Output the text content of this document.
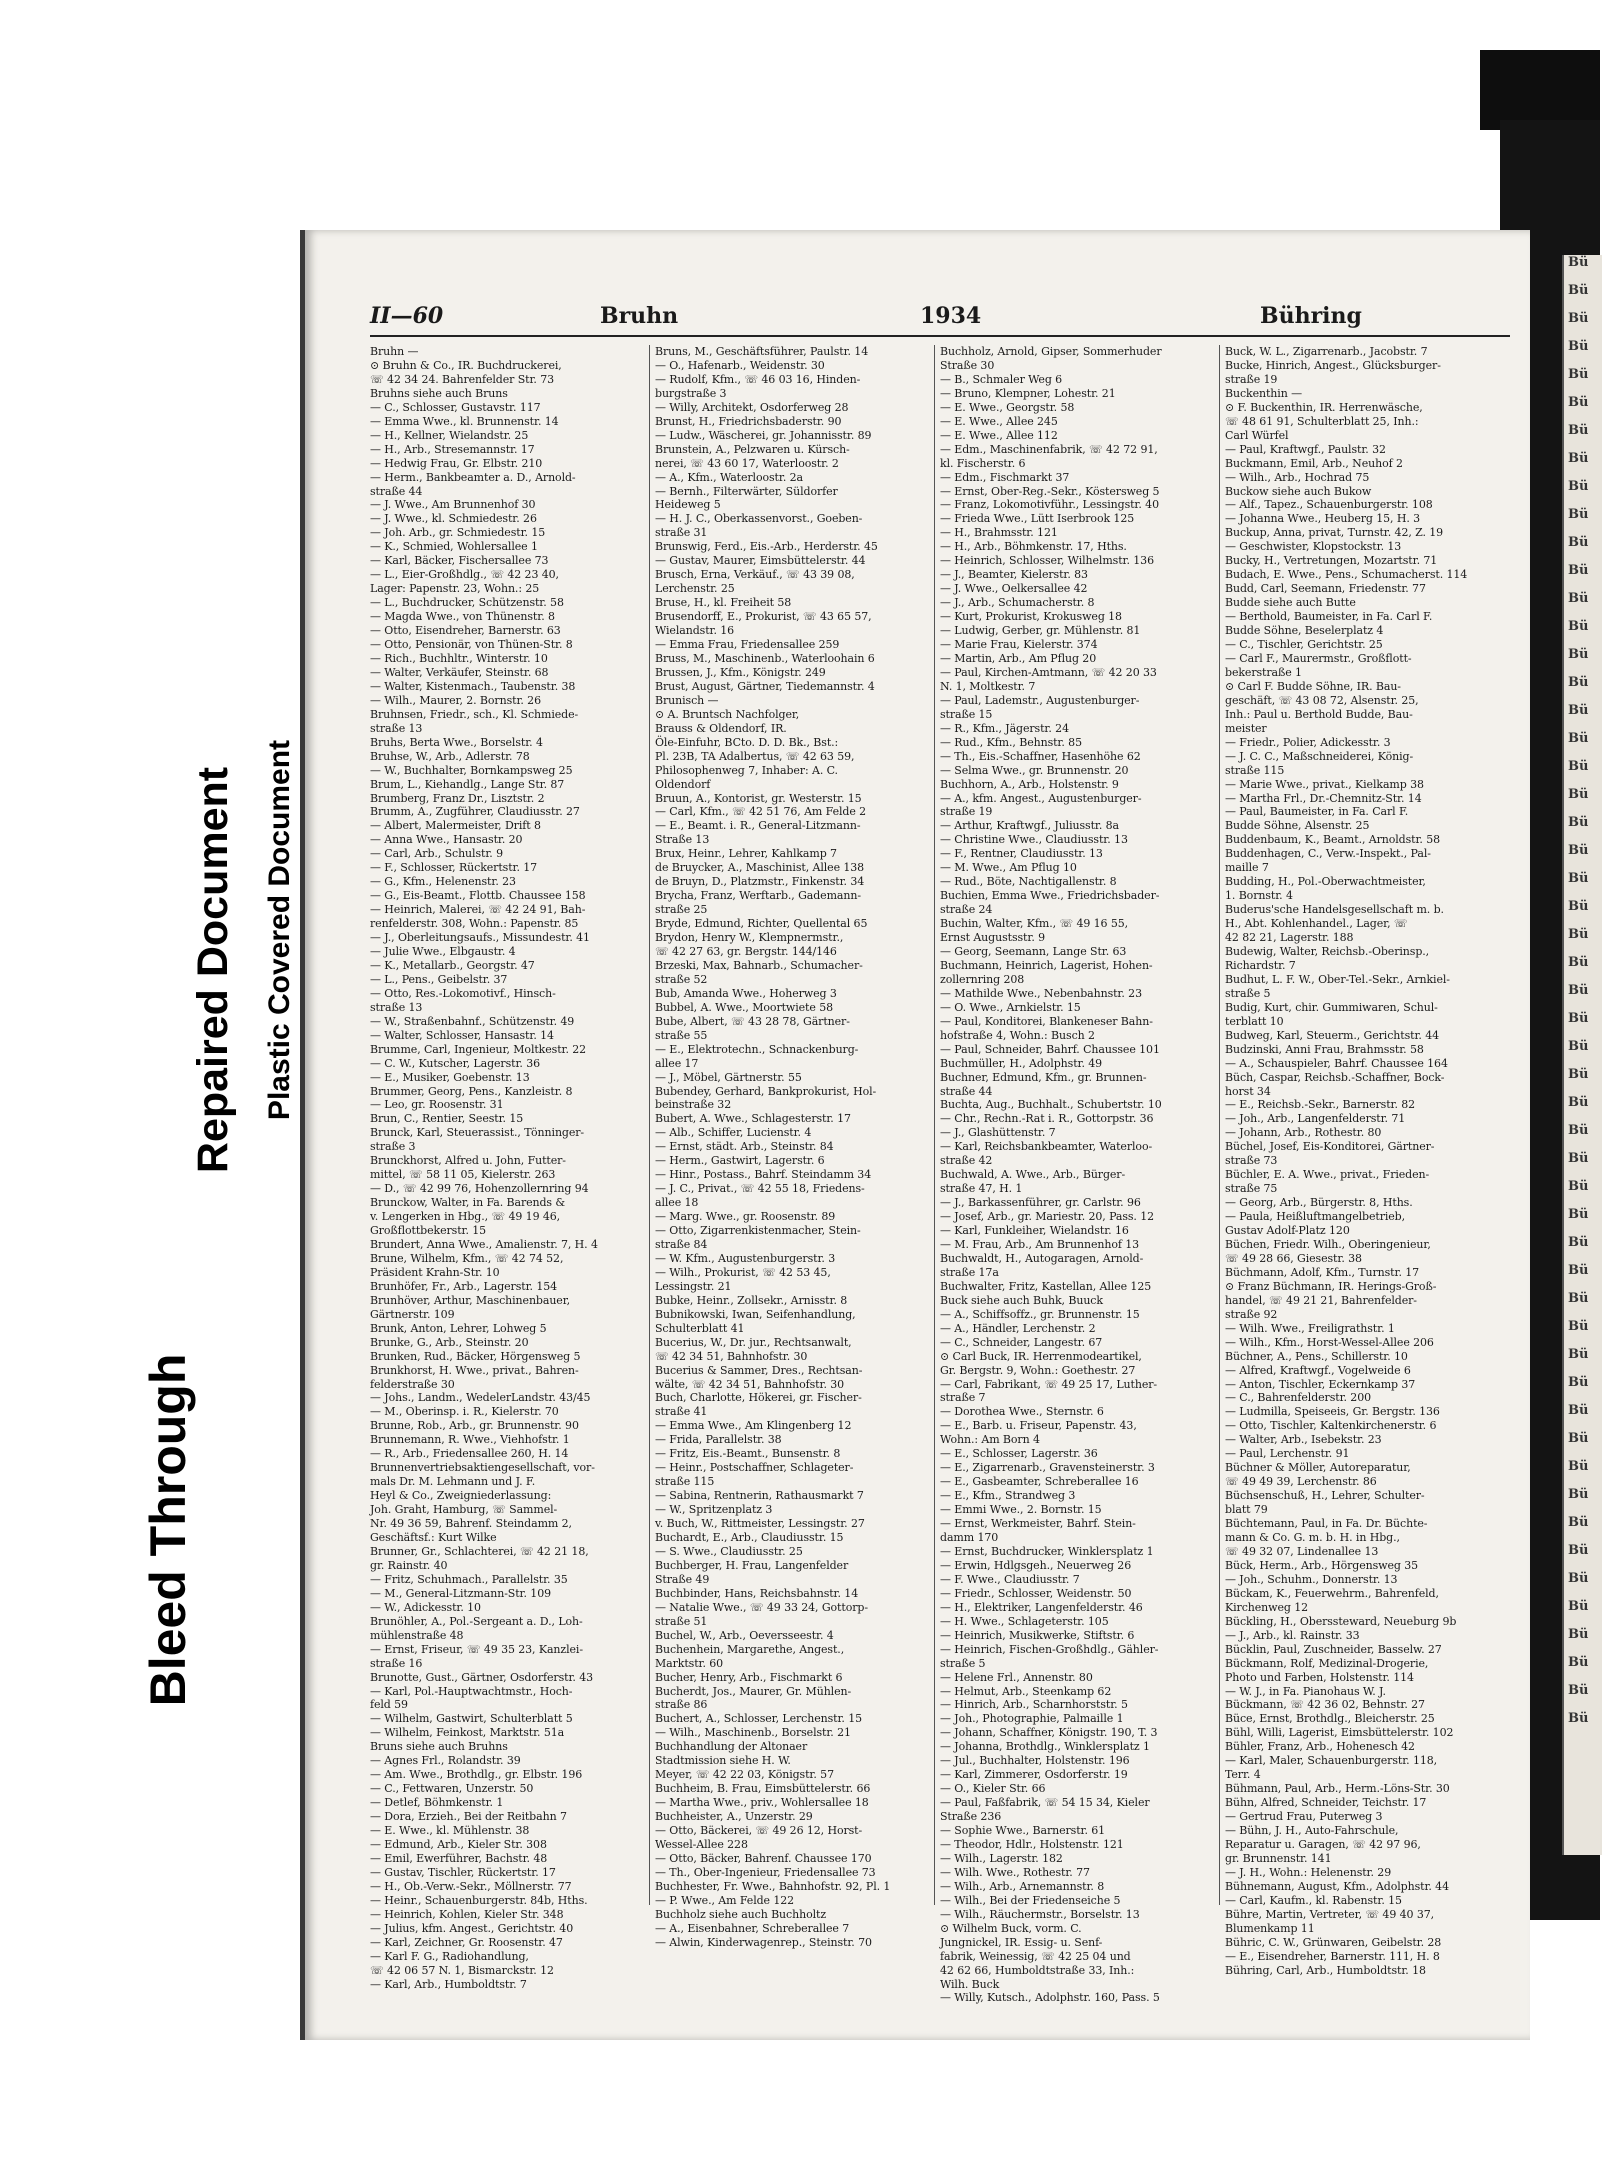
Bü
Bü
Bü
Bü
Bü
Bü
Bü
Bü
Bü
Bü
Bü
Bü
Bü
Bü
Bü
Bü
Bü
Bü
Bü
Bü
Bü
Bü
Bü
Bü
Bü
Bü
Bü
Bü
Bü
Bü
Bü
Bü
Bü
Bü
Bü
Bü
Bü
Bü
Bü
Bü
Bü
Bü
Bü
Bü
Bü
Bü
Bü
Bü
Bü
Bü
Bü
Bü
Bü
Bleed Through
Repaired Document Plastic Covered Document
II—60	Bruhn	1934	Bühring

Bruhn —

⊙ Bruhn & Co., IR. Buchdruckerei,

☏ 42 34 24. Bahrenfelder Str. 73

Bruhns siehe auch Bruns

— C., Schlosser, Gustavstr. 117

— Emma Wwe., kl. Brunnenstr. 14

— H., Kellner, Wielandstr. 25

— H., Arb., Stresemannstr. 17

— Hedwig Frau, Gr. Elbstr. 210

— Herm., Bankbeamter a. D., Arnold-

straße 44

— J. Wwe., Am Brunnenhof 30

— J. Wwe., kl. Schmiedestr. 26

— Joh. Arb., gr. Schmiedestr. 15

— K., Schmied, Wohlersallee 1

— Karl, Bäcker, Fischersallee 73

— L., Eier-Großhdlg., ☏ 42 23 40,

Lager: Papenstr. 23, Wohn.: 25

— L., Buchdrucker, Schützenstr. 58

— Magda Wwe., von Thünenstr. 8

— Otto, Eisendreher, Barnerstr. 63

— Otto, Pensionär, von Thünen-Str. 8

— Rich., Buchhltr., Winterstr. 10

— Walter, Verkäufer, Steinstr. 68

— Walter, Kistenmach., Taubenstr. 38

— Wilh., Maurer, 2. Bornstr. 26

Bruhnsen, Friedr., sch., Kl. Schmiede-

straße 13

Bruhs, Berta Wwe., Borselstr. 4

Bruhse, W., Arb., Adlerstr. 78

— W., Buchhalter, Bornkampsweg 25

Brum, L., Kiehandlg., Lange Str. 87

Brumberg, Franz Dr., Lisztstr. 2

Brumm, A., Zugführer, Claudiusstr. 27

— Albert, Malermeister, Drift 8

— Anna Wwe., Hansastr. 20

— Carl, Arb., Schulstr. 9

— F., Schlosser, Rückertstr. 17

— G., Kfm., Helenenstr. 23

— G., Eis-Beamt., Flottb. Chaussee 158

— Heinrich, Malerei, ☏ 42 24 91, Bah-

renfelderstr. 308, Wohn.: Papenstr. 85

— J., Oberleitungsaufs., Missundestr. 41

— Julie Wwe., Elbgaustr. 4

— K., Metallarb., Georgstr. 47

— L., Pens., Geibelstr. 37

— Otto, Res.-Lokomotivf., Hinsch-

straße 13

— W., Straßenbahnf., Schützenstr. 49

— Walter, Schlosser, Hansastr. 14

Brumme, Carl, Ingenieur, Moltkestr. 22

— C. W., Kutscher, Lagerstr. 36

— E., Musiker, Goebenstr. 13

Brummer, Georg, Pens., Kanzleistr. 8

— Leo, gr. Roosenstr. 31

Brun, C., Rentier, Seestr. 15

Brunck, Karl, Steuerassist., Tönninger-

straße 3

Brunckhorst, Alfred u. John, Futter-

mittel, ☏ 58 11 05, Kielerstr. 263

— D., ☏ 42 99 76, Hohenzollernring 94

Brunckow, Walter, in Fa. Barends &

v. Lengerken in Hbg., ☏ 49 19 46,

Großflottbekerstr. 15

Brundert, Anna Wwe., Amalienstr. 7, H. 4

Brune, Wilhelm, Kfm., ☏ 42 74 52,

Präsident Krahn-Str. 10

Brunhöfer, Fr., Arb., Lagerstr. 154

Brunhöver, Arthur, Maschinenbauer,

Gärtnerstr. 109

Brunk, Anton, Lehrer, Lohweg 5

Brunke, G., Arb., Steinstr. 20

Brunken, Rud., Bäcker, Hörgensweg 5

Brunkhorst, H. Wwe., privat., Bahren-

felderstraße 30

— Johs., Landm., WedelerLandstr. 43/45

— M., Oberinsp. i. R., Kielerstr. 70

Brunne, Rob., Arb., gr. Brunnenstr. 90

Brunnemann, R. Wwe., Viehhofstr. 1

— R., Arb., Friedensallee 260, H. 14

Brunnenvertriebsaktiengesellschaft, vor-

mals Dr. M. Lehmann und J. F.

Heyl & Co., Zweigniederlassung:

Joh. Graht, Hamburg, ☏ Sammel-

Nr. 49 36 59, Bahrenf. Steindamm 2,

Geschäftsf.: Kurt Wilke

Brunner, Gr., Schlachterei, ☏ 42 21 18,

gr. Rainstr. 40

— Fritz, Schuhmach., Parallelstr. 35

— M., General-Litzmann-Str. 109

— W., Adickesstr. 10

Brunöhler, A., Pol.-Sergeant a. D., Loh-

mühlenstraße 48

— Ernst, Friseur, ☏ 49 35 23, Kanzlei-

straße 16

Brunotte, Gust., Gärtner, Osdorferstr. 43

— Karl, Pol.-Hauptwachtmstr., Hoch-

feld 59

— Wilhelm, Gastwirt, Schulterblatt 5

— Wilhelm, Feinkost, Marktstr. 51a

Bruns siehe auch Bruhns

— Agnes Frl., Rolandstr. 39

— Am. Wwe., Brothdlg., gr. Elbstr. 196

— C., Fettwaren, Unzerstr. 50

— Detlef, Böhmkenstr. 1

— Dora, Erzieh., Bei der Reitbahn 7

— E. Wwe., kl. Mühlenstr. 38

— Edmund, Arb., Kieler Str. 308

— Emil, Ewerführer, Bachstr. 48

— Gustav, Tischler, Rückertstr. 17

— H., Ob.-Verw.-Sekr., Möllnerstr. 77

— Heinr., Schauenburgerstr. 84b, Hths.

— Heinrich, Kohlen, Kieler Str. 348

— Julius, kfm. Angest., Gerichtstr. 40

— Karl, Zeichner, Gr. Roosenstr. 47

— Karl F. G., Radiohandlung,

☏ 42 06 57 N. 1, Bismarckstr. 12

— Karl, Arb., Humboldtstr. 7

Bruns, M., Geschäftsführer, Paulstr. 14

— O., Hafenarb., Weidenstr. 30

— Rudolf, Kfm., ☏ 46 03 16, Hinden-

burgstraße 3

— Willy, Architekt, Osdorferweg 28

Brunst, H., Friedrichsbaderstr. 90

— Ludw., Wäscherei, gr. Johannisstr. 89

Brunstein, A., Pelzwaren u. Kürsch-

nerei, ☏ 43 60 17, Waterloostr. 2

— A., Kfm., Waterloostr. 2a

— Bernh., Filterwärter, Süldorfer

Heideweg 5

— H. J. C., Oberkassenvorst., Goeben-

straße 31

Brunswig, Ferd., Eis.-Arb., Herderstr. 45

— Gustav, Maurer, Eimsbüttelerstr. 44

Brusch, Erna, Verkäuf., ☏ 43 39 08,

Lerchenstr. 25

Bruse, H., kl. Freiheit 58

Brusendorff, E., Prokurist, ☏ 43 65 57,

Wielandstr. 16

— Emma Frau, Friedensallee 259

Bruss, M., Maschinenb., Waterloohain 6

Brussen, J., Kfm., Königstr. 249

Brust, August, Gärtner, Tiedemannstr. 4

Brunisch —

⊙ A. Bruntsch Nachfolger,

Brauss & Oldendorf, IR.

Öle-Einfuhr, BCto. D. D. Bk., Bst.:

Pl. 23B, TA Adalbertus, ☏ 42 63 59,

Philosophenweg 7, Inhaber: A. C.

Oldendorf

Bruun, A., Kontorist, gr. Westerstr. 15

— Carl, Kfm., ☏ 42 51 76, Am Felde 2

— E., Beamt. i. R., General-Litzmann-

Straße 13

Brux, Heinr., Lehrer, Kahlkamp 7

de Bruycker, A., Maschinist, Allee 138

de Bruyn, D., Platzmstr., Finkenstr. 34

Brycha, Franz, Werftarb., Gademann-

straße 25

Bryde, Edmund, Richter, Quellental 65

Brydon, Henry W., Klempnermstr.,

☏ 42 27 63, gr. Bergstr. 144/146

Brzeski, Max, Bahnarb., Schumacher-

straße 52

Bub, Amanda Wwe., Hoherweg 3

Bubbel, A. Wwe., Moortwiete 58

Bube, Albert, ☏ 43 28 78, Gärtner-

straße 55

— E., Elektrotechn., Schnackenburg-

allee 17

— J., Möbel, Gärtnerstr. 55

Bubendey, Gerhard, Bankprokurist, Hol-

beinstraße 32

Bubert, A. Wwe., Schlagesterstr. 17

— Alb., Schiffer, Lucienstr. 4

— Ernst, städt. Arb., Steinstr. 84

— Herm., Gastwirt, Lagerstr. 6

— Hinr., Postass., Bahrf. Steindamm 34

— J. C., Privat., ☏ 42 55 18, Friedens-

allee 18

— Marg. Wwe., gr. Roosenstr. 89

— Otto, Zigarrenkistenmacher, Stein-

straße 84

— W. Kfm., Augustenburgerstr. 3

— Wilh., Prokurist, ☏ 42 53 45,

Lessingstr. 21

Bubke, Heinr., Zollsekr., Arnisstr. 8

Bubnikowski, Iwan, Seifenhandlung,

Schulterblatt 41

Bucerius, W., Dr. jur., Rechtsanwalt,

☏ 42 34 51, Bahnhofstr. 30

Bucerius & Sammer, Dres., Rechtsan-

wälte, ☏ 42 34 51, Bahnhofstr. 30

Buch, Charlotte, Hökerei, gr. Fischer-

straße 41

— Emma Wwe., Am Klingenberg 12

— Frida, Parallelstr. 38

— Fritz, Eis.-Beamt., Bunsenstr. 8

— Heinr., Postschaffner, Schlageter-

straße 115

— Sabina, Rentnerin, Rathausmarkt 7

— W., Spritzenplatz 3

v. Buch, W., Rittmeister, Lessingstr. 27

Buchardt, E., Arb., Claudiusstr. 15

— S. Wwe., Claudiusstr. 25

Buchberger, H. Frau, Langenfelder

Straße 49

Buchbinder, Hans, Reichsbahnstr. 14

— Natalie Wwe., ☏ 49 33 24, Gottorp-

straße 51

Buchel, W., Arb., Oeversseestr. 4

Buchenhein, Margarethe, Angest.,

Marktstr. 60

Bucher, Henry, Arb., Fischmarkt 6

Bucherdt, Jos., Maurer, Gr. Mühlen-

straße 86

Buchert, A., Schlosser, Lerchenstr. 15

— Wilh., Maschinenb., Borselstr. 21

Buchhandlung der Altonaer

Stadtmission siehe H. W.

Meyer, ☏ 42 22 03, Königstr. 57

Buchheim, B. Frau, Eimsbüttelerstr. 66

— Martha Wwe., priv., Wohlersallee 18

Buchheister, A., Unzerstr. 29

— Otto, Bäckerei, ☏ 49 26 12, Horst-

Wessel-Allee 228

— Otto, Bäcker, Bahrenf. Chaussee 170

— Th., Ober-Ingenieur, Friedensallee 73

Buchhester, Fr. Wwe., Bahnhofstr. 92, Pl. 1

— P. Wwe., Am Felde 122

Buchholz siehe auch Buchholtz

— A., Eisenbahner, Schreberallee 7

— Alwin, Kinderwagenrep., Steinstr. 70

Buchholz, Arnold, Gipser, Sommerhuder

Straße 30

— B., Schmaler Weg 6

— Bruno, Klempner, Lohestr. 21

— E. Wwe., Georgstr. 58

— E. Wwe., Allee 245

— E. Wwe., Allee 112

— Edm., Maschinenfabrik, ☏ 42 72 91,

kl. Fischerstr. 6

— Edm., Fischmarkt 37

— Ernst, Ober-Reg.-Sekr., Köstersweg 5

— Franz, Lokomotivführ., Lessingstr. 40

— Frieda Wwe., Lütt Iserbrook 125

— H., Brahmsstr. 121

— H., Arb., Böhmkenstr. 17, Hths.

— Heinrich, Schlosser, Wilhelmstr. 136

— J., Beamter, Kielerstr. 83

— J. Wwe., Oelkersallee 42

— J., Arb., Schumacherstr. 8

— Kurt, Prokurist, Krokusweg 18

— Ludwig, Gerber, gr. Mühlenstr. 81

— Marie Frau, Kielerstr. 374

— Martin, Arb., Am Pflug 20

— Paul, Kirchen-Amtmann, ☏ 42 20 33

N. 1, Moltkestr. 7

— Paul, Lademstr., Augustenburger-

straße 15

— R., Kfm., Jägerstr. 24

— Rud., Kfm., Behnstr. 85

— Th., Eis.-Schaffner, Hasenhöhe 62

— Selma Wwe., gr. Brunnenstr. 20

Buchhorn, A., Arb., Holstenstr. 9

— A., kfm. Angest., Augustenburger-

straße 19

— Arthur, Kraftwgf., Juliusstr. 8a

— Christine Wwe., Claudiusstr. 13

— F., Rentner, Claudiusstr. 13

— M. Wwe., Am Pflug 10

— Rud., Böte, Nachtigallenstr. 8

Buchien, Emma Wwe., Friedrichsbader-

straße 24

Buchin, Walter, Kfm., ☏ 49 16 55,

Ernst Augustsstr. 9

— Georg, Seemann, Lange Str. 63

Buchmann, Heinrich, Lagerist, Hohen-

zollernring 208

— Mathilde Wwe., Nebenbahnstr. 23

— O. Wwe., Arnkielstr. 15

— Paul, Konditorei, Blankeneser Bahn-

hofstraße 4, Wohn.: Busch 2

— Paul, Schneider, Bahrf. Chaussee 101

Buchmüller, H., Adolphstr. 49

Buchner, Edmund, Kfm., gr. Brunnen-

straße 44

Buchta, Aug., Buchhalt., Schubertstr. 10

— Chr., Rechn.-Rat i. R., Gottorpstr. 36

— J., Glashüttenstr. 7

— Karl, Reichsbankbeamter, Waterloo-

straße 42

Buchwald, A. Wwe., Arb., Bürger-

straße 47, H. 1

— J., Barkassenführer, gr. Carlstr. 96

— Josef, Arb., gr. Mariestr. 20, Pass. 12

— Karl, Funkleiher, Wielandstr. 16

— M. Frau, Arb., Am Brunnenhof 13

Buchwaldt, H., Autogaragen, Arnold-

straße 17a

Buchwalter, Fritz, Kastellan, Allee 125

Buck siehe auch Buhk, Buuck

— A., Schiffsoffz., gr. Brunnenstr. 15

— A., Händler, Lerchenstr. 2

— C., Schneider, Langestr. 67

⊙ Carl Buck, IR. Herrenmodeartikel,

Gr. Bergstr. 9, Wohn.: Goethestr. 27

— Carl, Fabrikant, ☏ 49 25 17, Luther-

straße 7

— Dorothea Wwe., Sternstr. 6

— E., Barb. u. Friseur, Papenstr. 43,

Wohn.: Am Born 4

— E., Schlosser, Lagerstr. 36

— E., Zigarrenarb., Gravensteinerstr. 3

— E., Gasbeamter, Schreberallee 16

— E., Kfm., Strandweg 3

— Emmi Wwe., 2. Bornstr. 15

— Ernst, Werkmeister, Bahrf. Stein-

damm 170

— Ernst, Buchdrucker, Winklersplatz 1

— Erwin, Hdlgsgeh., Neuerweg 26

— F. Wwe., Claudiusstr. 7

— Friedr., Schlosser, Weidenstr. 50

— H., Elektriker, Langenfelderstr. 46

— H. Wwe., Schlageterstr. 105

— Heinrich, Musikwerke, Stiftstr. 6

— Heinrich, Fischen-Großhdlg., Gähler-

straße 5

— Helene Frl., Annenstr. 80

— Helmut, Arb., Steenkamp 62

— Hinrich, Arb., Scharnhorststr. 5

— Joh., Photographie, Palmaille 1

— Johann, Schaffner, Königstr. 190, T. 3

— Johanna, Brothdlg., Winklersplatz 1

— Jul., Buchhalter, Holstenstr. 196

— Karl, Zimmerer, Osdorferstr. 19

— O., Kieler Str. 66

— Paul, Faßfabrik, ☏ 54 15 34, Kieler

Straße 236

— Sophie Wwe., Barnerstr. 61

— Theodor, Hdlr., Holstenstr. 121

— Wilh., Lagerstr. 182

— Wilh. Wwe., Rothestr. 77

— Wilh., Arb., Arnemannstr. 8

— Wilh., Bei der Friedenseiche 5

— Wilh., Räuchermstr., Borselstr. 13

⊙ Wilhelm Buck, vorm. C.

Jungnickel, IR. Essig- u. Senf-

fabrik, Weinessig, ☏ 42 25 04 und

42 62 66, Humboldtstraße 33, Inh.:

Wilh. Buck

— Willy, Kutsch., Adolphstr. 160, Pass. 5

Buck, W. L., Zigarrenarb., Jacobstr. 7

Bucke, Hinrich, Angest., Glücksburger-

straße 19

Buckenthin —

⊙ F. Buckenthin, IR. Herrenwäsche,

☏ 48 61 91, Schulterblatt 25, Inh.:

Carl Würfel

— Paul, Kraftwgf., Paulstr. 32

Buckmann, Emil, Arb., Neuhof 2

— Wilh., Arb., Hochrad 75

Buckow siehe auch Bukow

— Alf., Tapez., Schauenburgerstr. 108

— Johanna Wwe., Heuberg 15, H. 3

Buckup, Anna, privat, Turnstr. 42, Z. 19

— Geschwister, Klopstockstr. 13

Bucky, H., Vertretungen, Mozartstr. 71

Budach, E. Wwe., Pens., Schumacherst. 114

Budd, Carl, Seemann, Friedenstr. 77

Budde siehe auch Butte

— Berthold, Baumeister, in Fa. Carl F.

Budde Söhne, Beselerplatz 4

— C., Tischler, Gerichtstr. 25

— Carl F., Maurermstr., Großflott-

bekerstraße 1

⊙ Carl F. Budde Söhne, IR. Bau-

geschäft, ☏ 43 08 72, Alsenstr. 25,

Inh.: Paul u. Berthold Budde, Bau-

meister

— Friedr., Polier, Adickesstr. 3

— J. C. C., Maßschneiderei, König-

straße 115

— Marie Wwe., privat., Kielkamp 38

— Martha Frl., Dr.-Chemnitz-Str. 14

— Paul, Baumeister, in Fa. Carl F.

Budde Söhne, Alsenstr. 25

Buddenbaum, K., Beamt., Arnoldstr. 58

Buddenhagen, C., Verw.-Inspekt., Pal-

maille 7

Budding, H., Pol.-Oberwachtmeister,

1. Bornstr. 4

Buderus'sche Handelsgesellschaft m. b.

H., Abt. Kohlenhandel., Lager, ☏

42 82 21, Lagerstr. 188

Budewig, Walter, Reichsb.-Oberinsp.,

Richardstr. 7

Budhut, L. F. W., Ober-Tel.-Sekr., Arnkiel-

straße 5

Budig, Kurt, chir. Gummiwaren, Schul-

terblatt 10

Budweg, Karl, Steuerm., Gerichtstr. 44

Budzinski, Anni Frau, Brahmsstr. 58

— A., Schauspieler, Bahrf. Chaussee 164

Büch, Caspar, Reichsb.-Schaffner, Bock-

horst 34

— E., Reichsb.-Sekr., Barnerstr. 82

— Joh., Arb., Langenfelderstr. 71

— Johann, Arb., Rothestr. 80

Büchel, Josef, Eis-Konditorei, Gärtner-

straße 73

Büchler, E. A. Wwe., privat., Frieden-

straße 75

— Georg, Arb., Bürgerstr. 8, Hths.

— Paula, Heißluftmangelbetrieb,

Gustav Adolf-Platz 120

Büchen, Friedr. Wilh., Oberingenieur,

☏ 49 28 66, Giesestr. 38

Büchmann, Adolf, Kfm., Turnstr. 17

⊙ Franz Büchmann, IR. Herings-Groß-

handel, ☏ 49 21 21, Bahrenfelder-

straße 92

— Wilh. Wwe., Freiligrathstr. 1

— Wilh., Kfm., Horst-Wessel-Allee 206

Büchner, A., Pens., Schillerstr. 10

— Alfred, Kraftwgf., Vogelweide 6

— Anton, Tischler, Eckernkamp 37

— C., Bahrenfelderstr. 200

— Ludmilla, Speiseeis, Gr. Bergstr. 136

— Otto, Tischler, Kaltenkirchenerstr. 6

— Walter, Arb., Isebekstr. 23

— Paul, Lerchenstr. 91

Büchner & Möller, Autoreparatur,

☏ 49 49 39, Lerchenstr. 86

Büchsenschuß, H., Lehrer, Schulter-

blatt 79

Büchtemann, Paul, in Fa. Dr. Büchte-

mann & Co. G. m. b. H. in Hbg.,

☏ 49 32 07, Lindenallee 13

Bück, Herm., Arb., Hörgensweg 35

— Joh., Schuhm., Donnerstr. 13

Bückam, K., Feuerwehrm., Bahrenfeld,

Kirchenweg 12

Bückling, H., Oberssteward, Neueburg 9b

— J., Arb., kl. Rainstr. 33

Bücklin, Paul, Zuschneider, Basselw. 27

Bückmann, Rolf, Medizinal-Drogerie,

Photo und Farben, Holstenstr. 114

— W. J., in Fa. Pianohaus W. J.

Bückmann, ☏ 42 36 02, Behnstr. 27

Büce, Ernst, Brothdlg., Bleicherstr. 25

Bühl, Willi, Lagerist, Eimsbüttelerstr. 102

Bühler, Franz, Arb., Hohenesch 42

— Karl, Maler, Schauenburgerstr. 118,

Terr. 4

Bühmann, Paul, Arb., Herm.-Löns-Str. 30

Bühn, Alfred, Schneider, Teichstr. 17

— Gertrud Frau, Puterweg 3

— Bühn, J. H., Auto-Fahrschule,

Reparatur u. Garagen, ☏ 42 97 96,

gr. Brunnenstr. 141

— J. H., Wohn.: Helenenstr. 29

Bühnemann, August, Kfm., Adolphstr. 44

— Carl, Kaufm., kl. Rabenstr. 15

Bühre, Martin, Vertreter, ☏ 49 40 37,

Blumenkamp 11

Bühric, C. W., Grünwaren, Geibelstr. 28

— E., Eisendreher, Barnerstr. 111, H. 8

Bühring, Carl, Arb., Humboldtstr. 18
